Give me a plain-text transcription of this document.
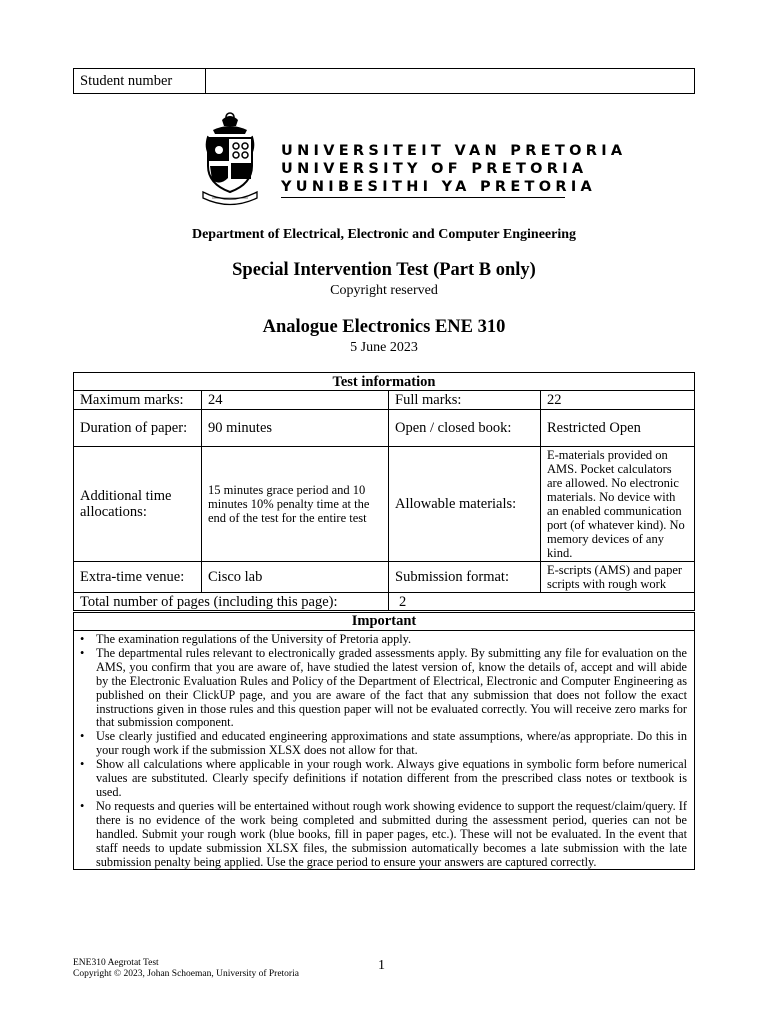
Student number	
UNIVERSITEIT VAN PRETORIA
UNIVERSITY OF PRETORIA
YUNIBESITHI YA PRETORIA
Department of Electrical, Electronic and Computer Engineering
Special Intervention Test (Part B only)
Copyright reserved
Analogue Electronics ENE 310
5 June 2023
Test information			
Maximum marks:	24	Full marks:	22
Duration of paper:	90 minutes	Open / closed book:	Restricted Open
Additional time allocations:	15 minutes grace period and 10 minutes 10% penalty time at the end of the test for the entire test	Allowable materials:	E-materials provided on AMS. Pocket calculators are allowed. No electronic materials. No device with an enabled communication port (of whatever kind). No memory devices of any kind.
Extra-time venue:	Cisco lab	Submission format:	E-scripts (AMS) and paper scripts with rough work
Total number of pages (including this page):		2	
Important
• The examination regulations of the University of Pretoria apply.
• The departmental rules relevant to electronically graded assessments apply. By submitting any file for evaluation on the AMS, you confirm that you are aware of, have studied the latest version of, know the details of, accept and will abide by the Electronic Evaluation Rules and Policy of the Department of Electrical, Electronic and Computer Engineering as published on their ClickUP page, and you are aware of the fact that any submission that does not follow the exact instructions given in those rules and this question paper will not be evaluated correctly. You will receive zero marks for that submission component.
• Use clearly justified and educated engineering approximations and state assumptions, where/as appropriate. Do this in your rough work if the submission XLSX does not allow for that.
• Show all calculations where applicable in your rough work. Always give equations in symbolic form before numerical values are substituted. Clearly specify definitions if notation different from the prescribed class notes or textbook is used.
• No requests and queries will be entertained without rough work showing evidence to support the request/claim/query. If there is no evidence of the work being completed and submitted during the assessment period, queries can not be handled. Submit your rough work (blue books, fill in paper pages, etc.). These will not be evaluated. In the event that staff needs to update submission XLSX files, the submission automatically becomes a late submission with the late submission penalty being applied. Use the grace period to ensure your answers are captured correctly.
ENE310 Aegrotat Test
Copyright © 2023, Johan Schoeman, University of Pretoria
1
